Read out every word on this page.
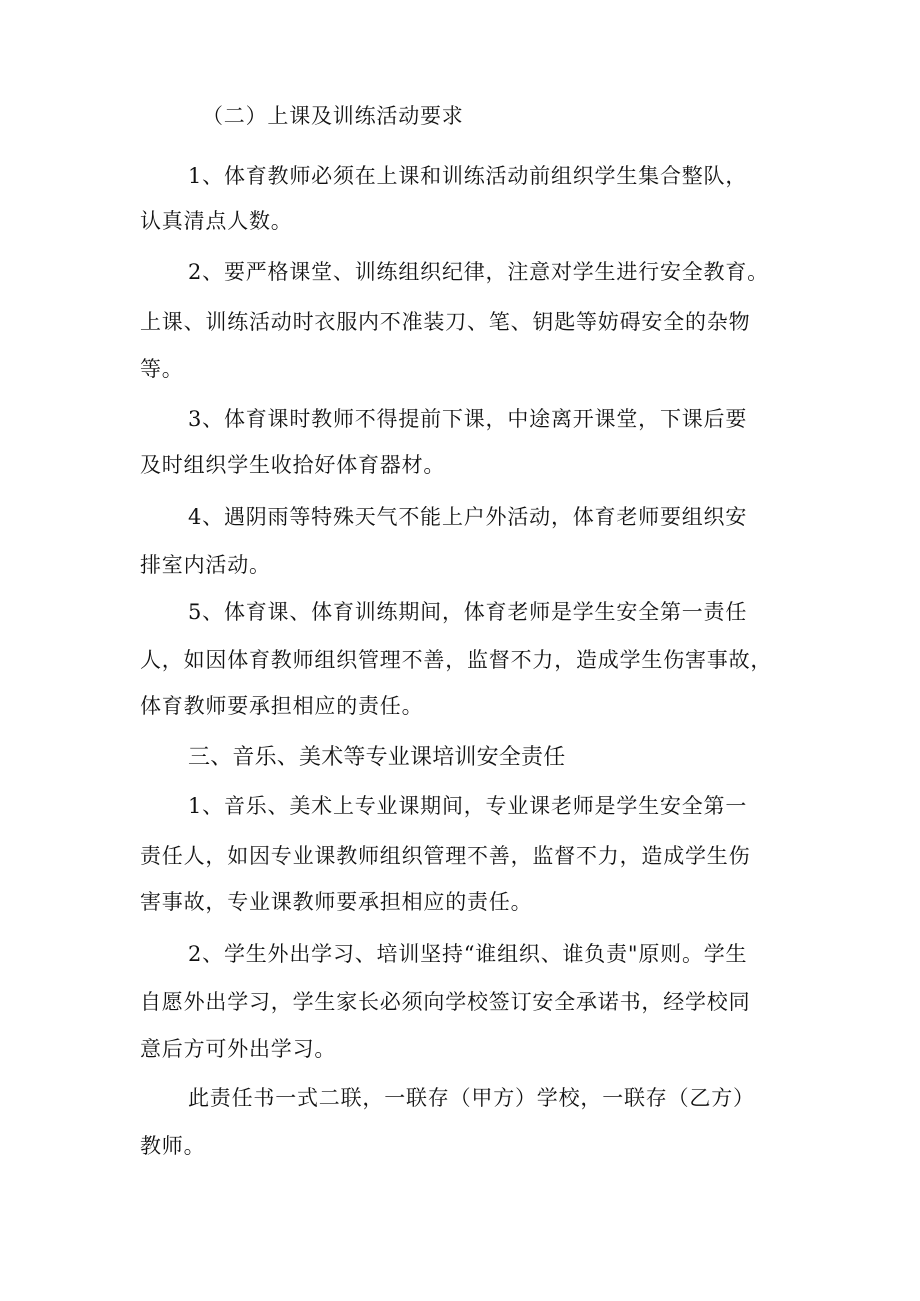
（二）上课及训练活动要求
1、体育教师必须在上课和训练活动前组织学生集合整队，
认真清点人数。
2、要严格课堂、训练组织纪律，注意对学生进行安全教育。
上课、训练活动时衣服内不准装刀、笔、钥匙等妨碍安全的杂物
等。
3、体育课时教师不得提前下课，中途离开课堂，下课后要
及时组织学生收拾好体育器材。
4、遇阴雨等特殊天气不能上户外活动，体育老师要组织安
排室内活动。
5、体育课、体育训练期间，体育老师是学生安全第一责任
人，如因体育教师组织管理不善，监督不力，造成学生伤害事故，
体育教师要承担相应的责任。
三、音乐、美术等专业课培训安全责任
1、音乐、美术上专业课期间，专业课老师是学生安全第一
责任人，如因专业课教师组织管理不善，监督不力，造成学生伤
害事故，专业课教师要承担相应的责任。
2、学生外出学习、培训坚持“谁组织、谁负责"原则。学生
自愿外出学习，学生家长必须向学校签订安全承诺书，经学校同
意后方可外出学习。
此责任书一式二联，一联存（甲方）学校，一联存（乙方）
教师。
